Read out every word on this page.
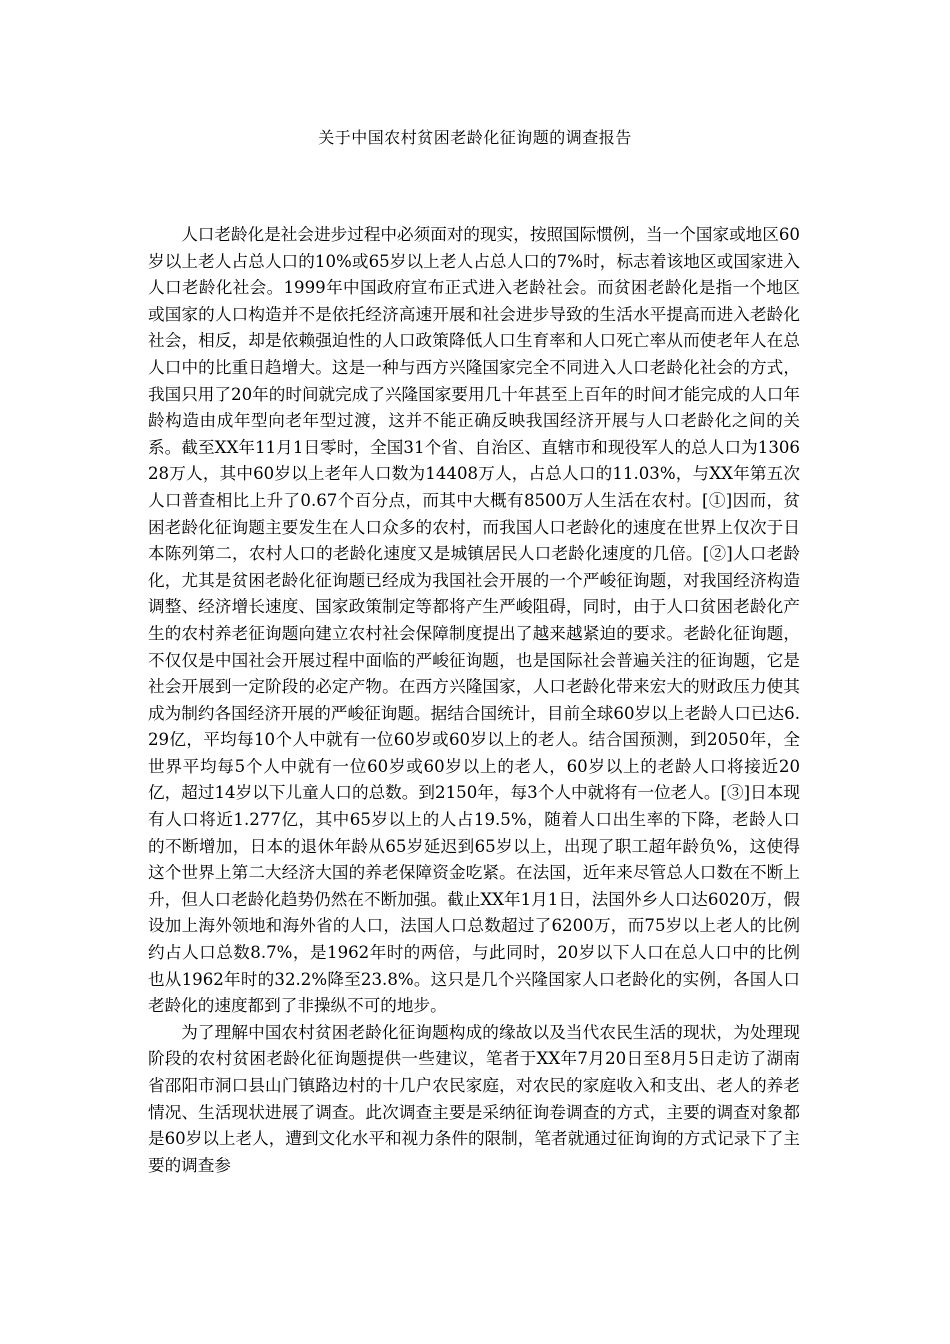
关于中国农村贫困老龄化征询题的调查报告

人口老龄化是社会进步过程中必须面对的现实，按照国际惯例，当一个国家或地区60岁以上老人占总人口的10%或65岁以上老人占总人口的7%时，标志着该地区或国家进入人口老龄化社会。1999年中国政府宣布正式进入老龄社会。而贫困老龄化是指一个地区或国家的人口构造并不是依托经济高速开展和社会进步导致的生活水平提高而进入老龄化社会，相反，却是依赖强迫性的人口政策降低人口生育率和人口死亡率从而使老年人在总人口中的比重日趋增大。这是一种与西方兴隆国家完全不同进入人口老龄化社会的方式，我国只用了20年的时间就完成了兴隆国家要用几十年甚至上百年的时间才能完成的人口年龄构造由成年型向老年型过渡，这并不能正确反映我国经济开展与人口老龄化之间的关系。截至XX年11月1日零时，全国31个省、自治区、直辖市和现役军人的总人口为130628万人，其中60岁以上老年人口数为14408万人，占总人口的11.03%，与XX年第五次人口普查相比上升了0.67个百分点，而其中大概有8500万人生活在农村。[①]因而，贫困老龄化征询题主要发生在人口众多的农村，而我国人口老龄化的速度在世界上仅次于日本陈列第二，农村人口的老龄化速度又是城镇居民人口老龄化速度的几倍。[②]人口老龄化，尤其是贫困老龄化征询题已经成为我国社会开展的一个严峻征询题，对我国经济构造调整、经济增长速度、国家政策制定等都将产生严峻阻碍，同时，由于人口贫困老龄化产生的农村养老征询题向建立农村社会保障制度提出了越来越紧迫的要求。老龄化征询题，不仅仅是中国社会开展过程中面临的严峻征询题，也是国际社会普遍关注的征询题，它是社会开展到一定阶段的必定产物。在西方兴隆国家，人口老龄化带来宏大的财政压力使其成为制约各国经济开展的严峻征询题。据结合国统计，目前全球60岁以上老龄人口已达6.29亿，平均每10个人中就有一位60岁或60岁以上的老人。结合国预测，到2050年，全世界平均每5个人中就有一位60岁或60岁以上的老人，60岁以上的老龄人口将接近20亿，超过14岁以下儿童人口的总数。到2150年，每3个人中就将有一位老人。[③]日本现有人口将近1.277亿，其中65岁以上的人占19.5%，随着人口出生率的下降，老龄人口的不断增加，日本的退休年龄从65岁延迟到65岁以上，出现了职工超年龄负%，这使得这个世界上第二大经济大国的养老保障资金吃紧。在法国，近年来尽管总人口数在不断上升，但人口老龄化趋势仍然在不断加强。截止XX年1月1日，法国外乡人口达6020万，假设加上海外领地和海外省的人口，法国人口总数超过了6200万，而75岁以上老人的比例约占人口总数8.7%，是1962年时的两倍，与此同时，20岁以下人口在总人口中的比例也从1962年时的32.2%降至23.8%。这只是几个兴隆国家人口老龄化的实例，各国人口老龄化的速度都到了非操纵不可的地步。

为了理解中国农村贫困老龄化征询题构成的缘故以及当代农民生活的现状，为处理现阶段的农村贫困老龄化征询题提供一些建议，笔者于XX年7月20日至8月5日走访了湖南省邵阳市洞口县山门镇路边村的十几户农民家庭，对农民的家庭收入和支出、老人的养老情况、生活现状进展了调查。此次调查主要是采纳征询卷调查的方式，主要的调查对象都是60岁以上老人，遭到文化水平和视力条件的限制，笔者就通过征询询的方式记录下了主要的调查参
